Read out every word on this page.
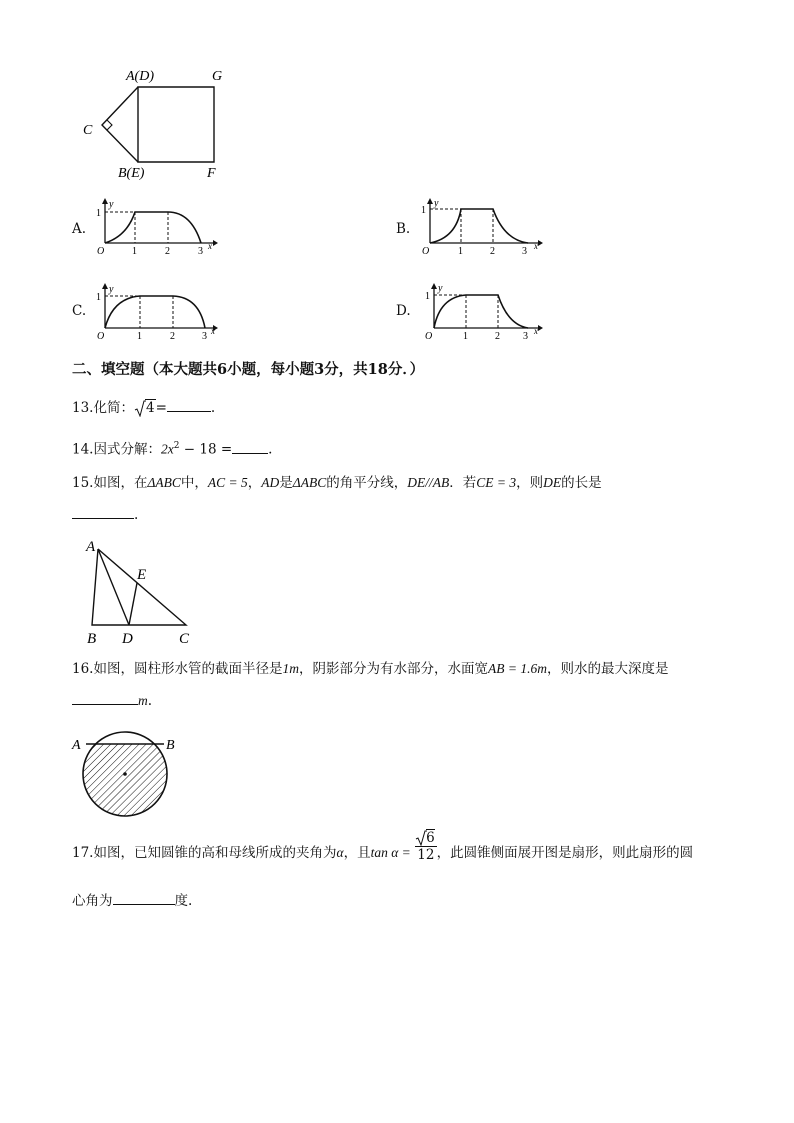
A(D)	G
C
B(E)	F
A.
1
y
O	1	2	3 x
B.
1
y
O	1	2	3 x
C.
1
y
O	1	2	3 x
D.
1
y
O	1	2 3 x
二、填空题（本大题共6小题，每小题3分，共18分．）
13.化简： 4=	.
14.因式分解：$2x^2 - 18$ =	.
15.如图，在ΔABC中，AC = 5，AD是ΔABC的角平分线，DE//AB．若CE = 3，则DE的长是
.
A
E
B D	C
16.如图，圆柱形水管的截面半径是1m，阴影部分为有水部分，水面宽AB = 1.6m，则水的最大深度是
m.
A	B
17.如图，已知圆锥的高和母线所成的夹角为α，且$\tan \alpha = \frac{6}{12}$ ，此圆锥侧面展开图是扇形，则此扇形的圆
心角为	度.
